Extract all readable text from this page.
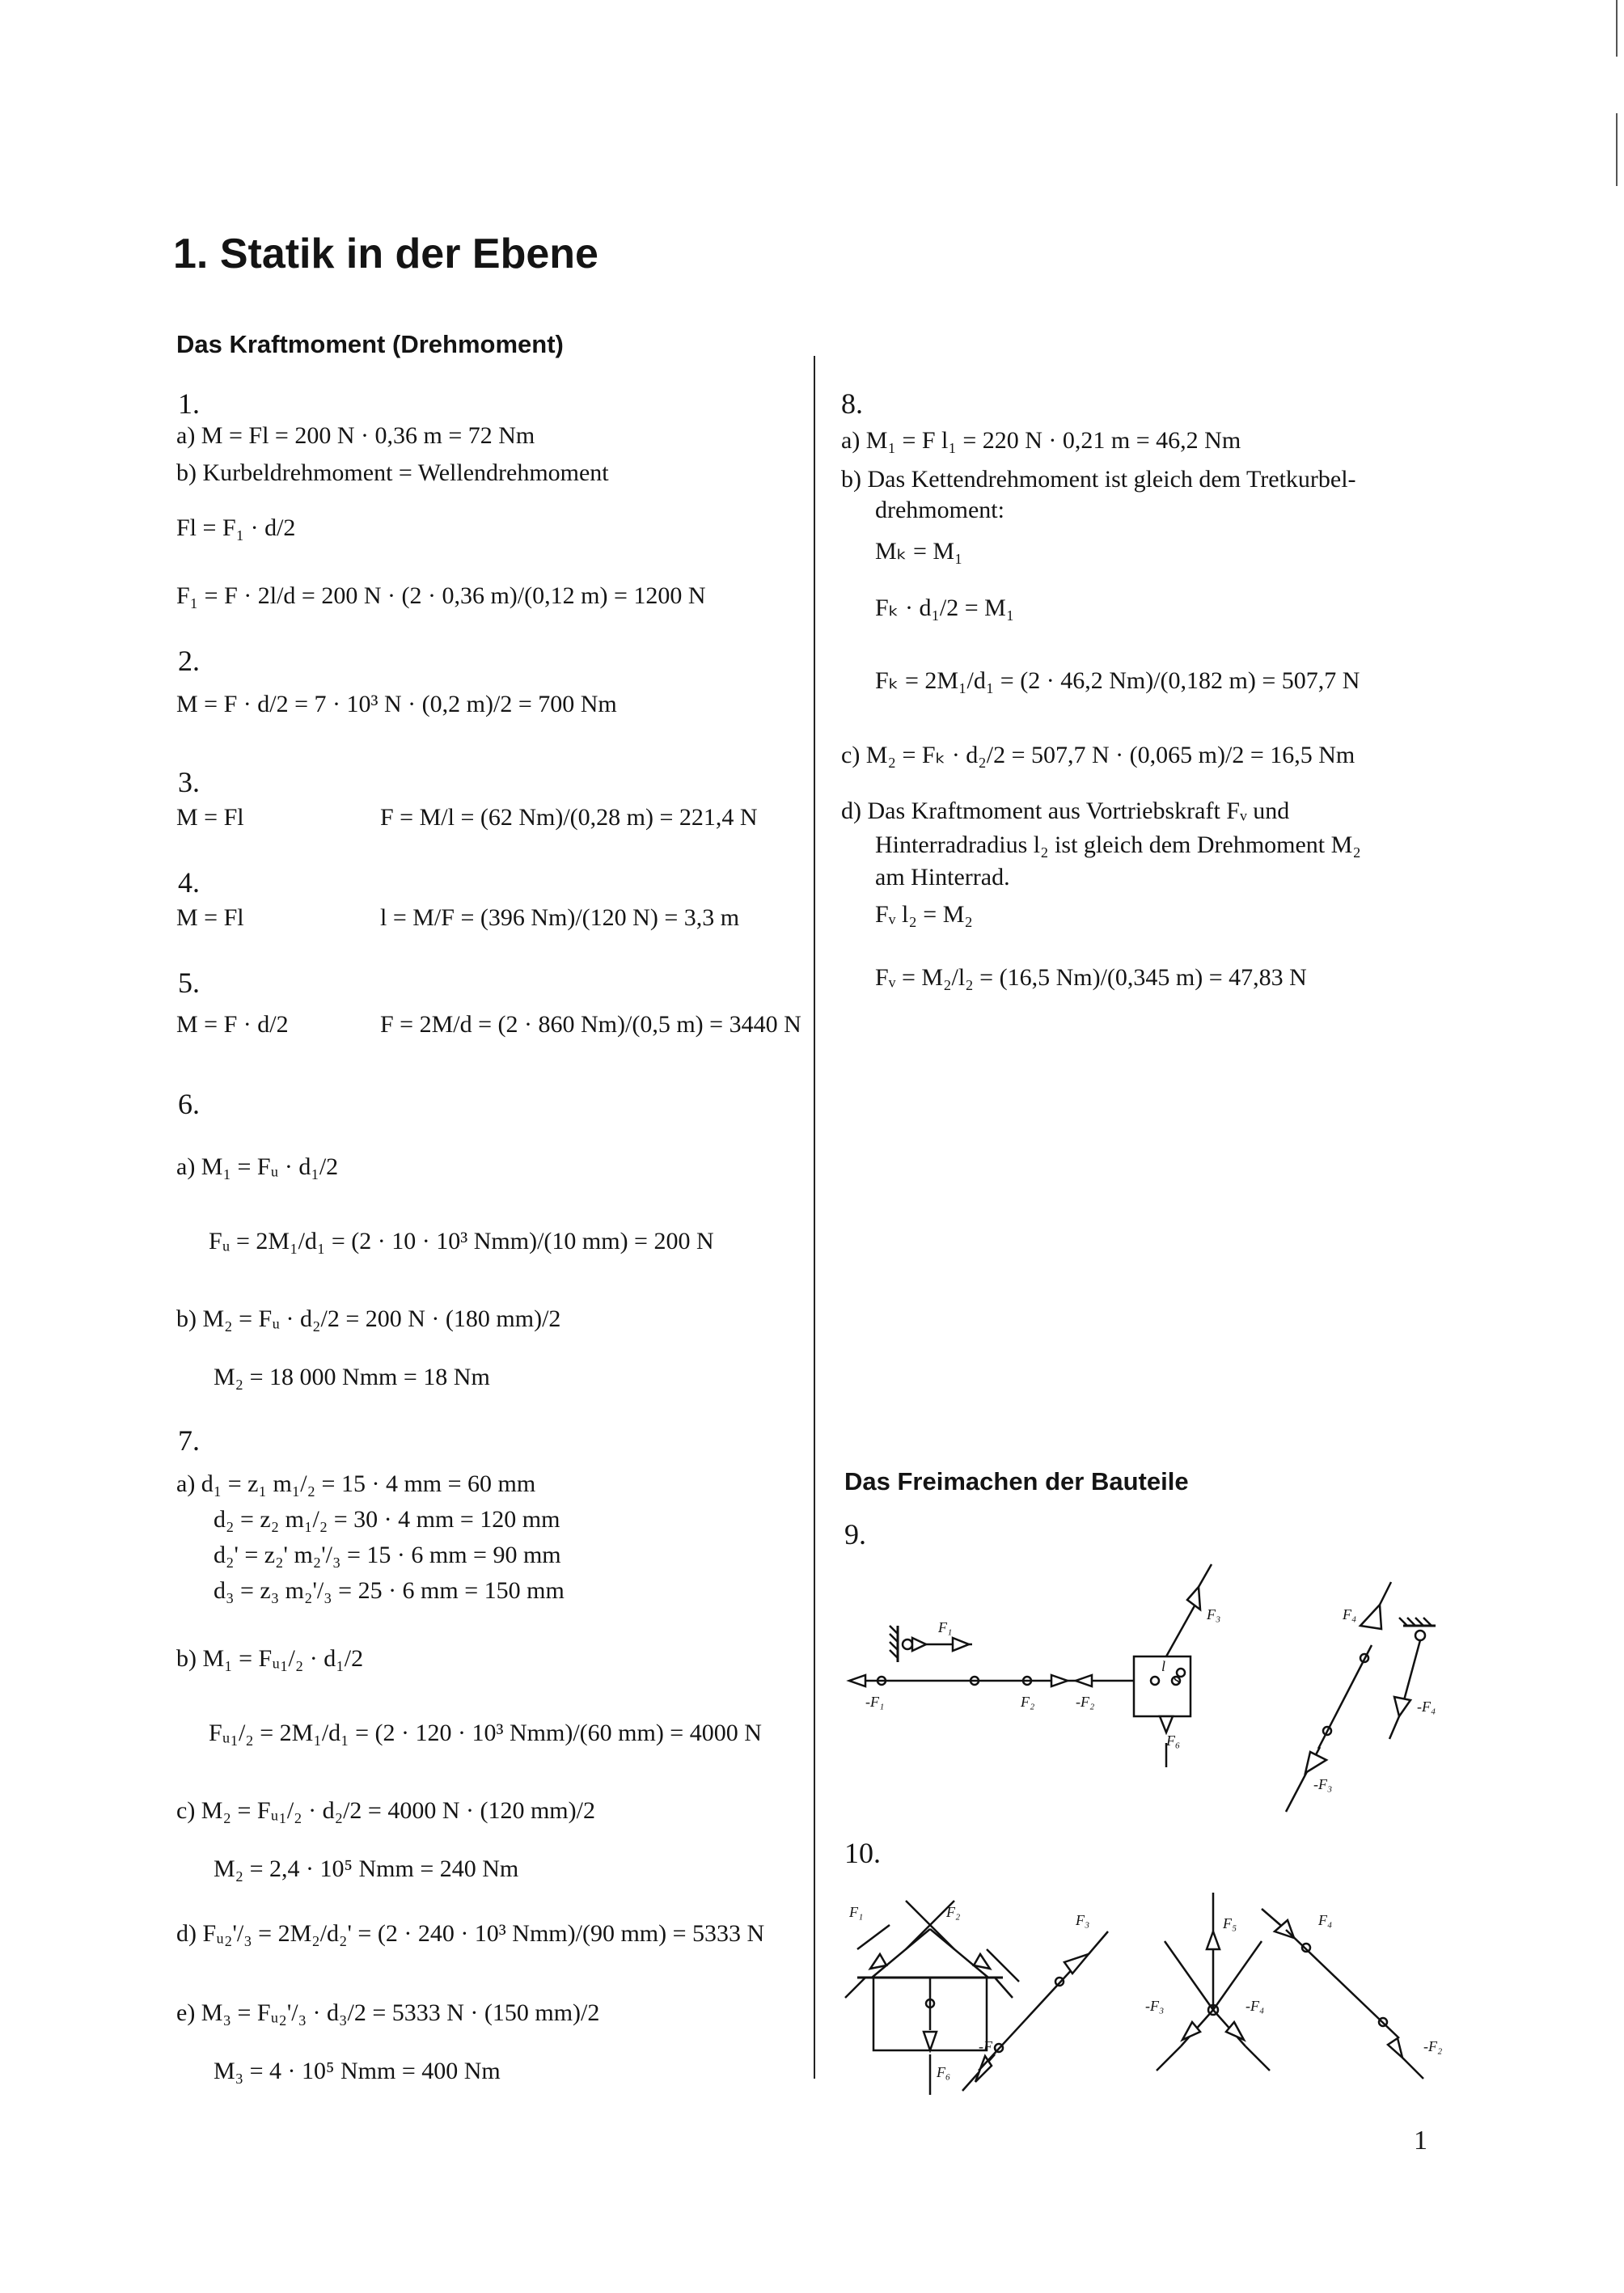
1. Statik in der Ebene
Das Kraftmoment (Drehmoment)
1.
a) M = Fl = 200 N · 0,36 m = 72 Nm
b) Kurbeldrehmoment = Wellendrehmoment
Fl = F₁ · d/2
F₁ = F · 2l/d = 200 N · (2 · 0,36 m)/(0,12 m) = 1200 N
2.
M = F · d/2 = 7 · 10³ N · (0,2 m)/2 = 700 Nm
3.
M = Fl	F = M/l = (62 Nm)/(0,28 m) = 221,4 N
4.
M = Fl	l = M/F = (396 Nm)/(120 N) = 3,3 m
5.
M = F · d/2	F = 2M/d = (2 · 860 Nm)/(0,5 m) = 3440 N
6.
a) M₁ = Fᵤ · d₁/2
Fᵤ = 2M₁/d₁ = (2 · 10 · 10³ Nmm)/(10 mm) = 200 N
b) M₂ = Fᵤ · d₂/2 = 200 N · (180 mm)/2
M₂ = 18 000 Nmm = 18 Nm
7.
a) d₁ = z₁ m₁/₂ = 15 · 4 mm = 60 mm
d₂ = z₂ m₁/₂ = 30 · 4 mm = 120 mm
d₂' = z₂' m₂'/₃ = 15 · 6 mm = 90 mm
d₃ = z₃ m₂'/₃ = 25 · 6 mm = 150 mm
b) M₁ = Fᵤ₁/₂ · d₁/2
Fᵤ₁/₂ = 2M₁/d₁ = (2 · 120 · 10³ Nmm)/(60 mm) = 4000 N
c) M₂ = Fᵤ₁/₂ · d₂/2 = 4000 N · (120 mm)/2
M₂ = 2,4 · 10⁵ Nmm = 240 Nm
d) Fᵤ₂'/₃ = 2M₂/d₂' = (2 · 240 · 10³ Nmm)/(90 mm) = 5333 N
e) M₃ = Fᵤ₂'/₃ · d₃/2 = 5333 N · (150 mm)/2
M₃ = 4 · 10⁵ Nmm = 400 Nm
8.
a) M₁ = F l₁ = 220 N · 0,21 m = 46,2 Nm
b) Das Kettendrehmoment ist gleich dem Tretkurbel-
drehmoment:
Mₖ = M₁
Fₖ · d₁/2 = M₁
Fₖ = 2M₁/d₁ = (2 · 46,2 Nm)/(0,182 m) = 507,7 N
c) M₂ = Fₖ · d₂/2 = 507,7 N · (0,065 m)/2 = 16,5 Nm
d) Das Kraftmoment aus Vortriebskraft Fᵥ und
Hinterradradius l₂ ist gleich dem Drehmoment M₂
am Hinterrad.
Fᵥ l₂ = M₂
Fᵥ = M₂/l₂ = (16,5 Nm)/(0,345 m) = 47,83 N
Das Freimachen der Bauteile
9.
F₁
-F₁	F₂	-F₂
F₃	F₄
-F₄
-F₃
F₆
S
l
10.
F₁	F₂
F₆
F₃
-F₁
F₅
-F₃	-F₄
F₄
-F₂
1
